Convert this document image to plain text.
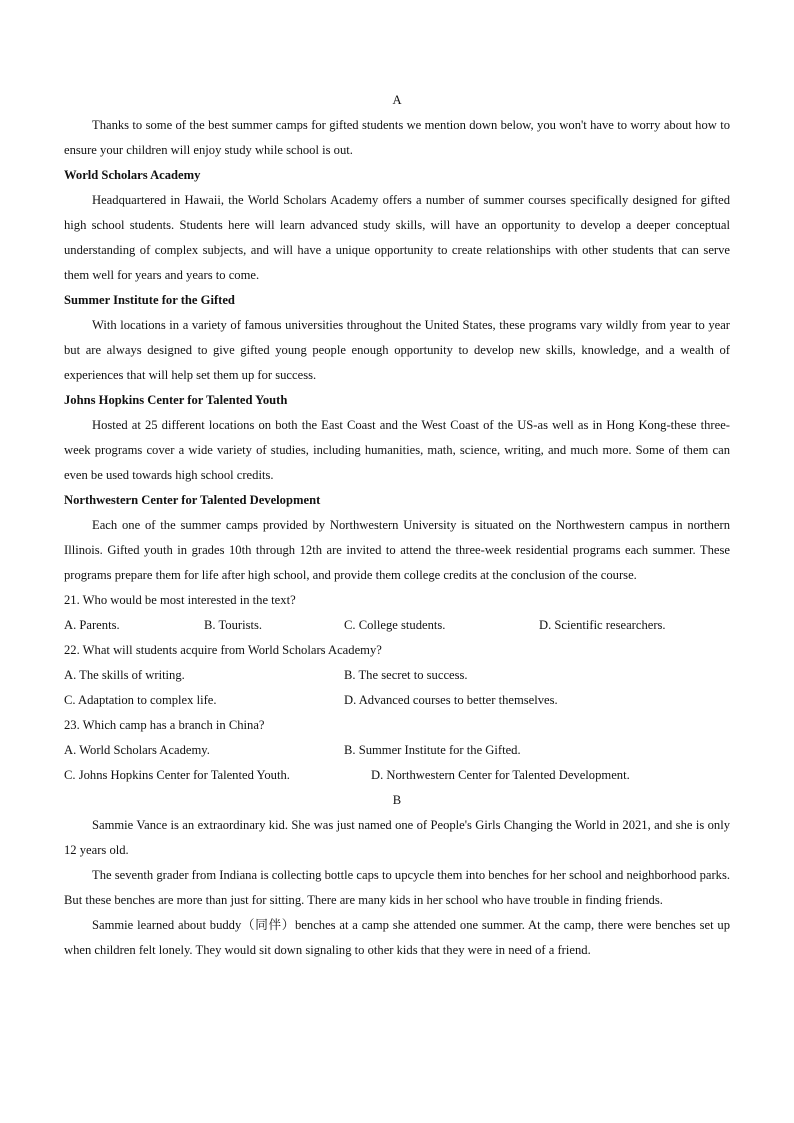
A

Thanks to some of the best summer camps for gifted students we mention down below, you won't have to worry about how to ensure your children will enjoy study while school is out.

World Scholars Academy

Headquartered in Hawaii, the World Scholars Academy offers a number of summer courses specifically designed for gifted high school students. Students here will learn advanced study skills, will have an opportunity to develop a deeper conceptual understanding of complex subjects, and will have a unique opportunity to create relationships with other students that can serve them well for years and years to come.

Summer Institute for the Gifted

With locations in a variety of famous universities throughout the United States, these programs vary wildly from year to year but are always designed to give gifted young people enough opportunity to develop new skills, knowledge, and a wealth of experiences that will help set them up for success.

Johns Hopkins Center for Talented Youth

Hosted at 25 different locations on both the East Coast and the West Coast of the US-as well as in Hong Kong-these three-week programs cover a wide variety of studies, including humanities, math, science, writing, and much more. Some of them can even be used towards high school credits.

Northwestern Center for Talented Development

Each one of the summer camps provided by Northwestern University is situated on the Northwestern campus in northern Illinois. Gifted youth in grades 10th through 12th are invited to attend the three-week residential programs each summer. These programs prepare them for life after high school, and provide them college credits at the conclusion of the course.

21. Who would be most interested in the text?

A. Parents.	B. Tourists.	C. College students.	D. Scientific researchers.

22. What will students acquire from World Scholars Academy?

A. The skills of writing.	B. The secret to success.
C. Adaptation to complex life.	D. Advanced courses to better themselves.

23. Which camp has a branch in China?

A. World Scholars Academy.	B. Summer Institute for the Gifted.
C. Johns Hopkins Center for Talented Youth.	D. Northwestern Center for Talented Development.

B

Sammie Vance is an extraordinary kid. She was just named one of People's Girls Changing the World in 2021, and she is only 12 years old.

The seventh grader from Indiana is collecting bottle caps to upcycle them into benches for her school and neighborhood parks. But these benches are more than just for sitting. There are many kids in her school who have trouble in finding friends.

Sammie learned about buddy（同伴）benches at a camp she attended one summer. At the camp, there were benches set up when children felt lonely. They would sit down signaling to other kids that they were in need of a friend.
